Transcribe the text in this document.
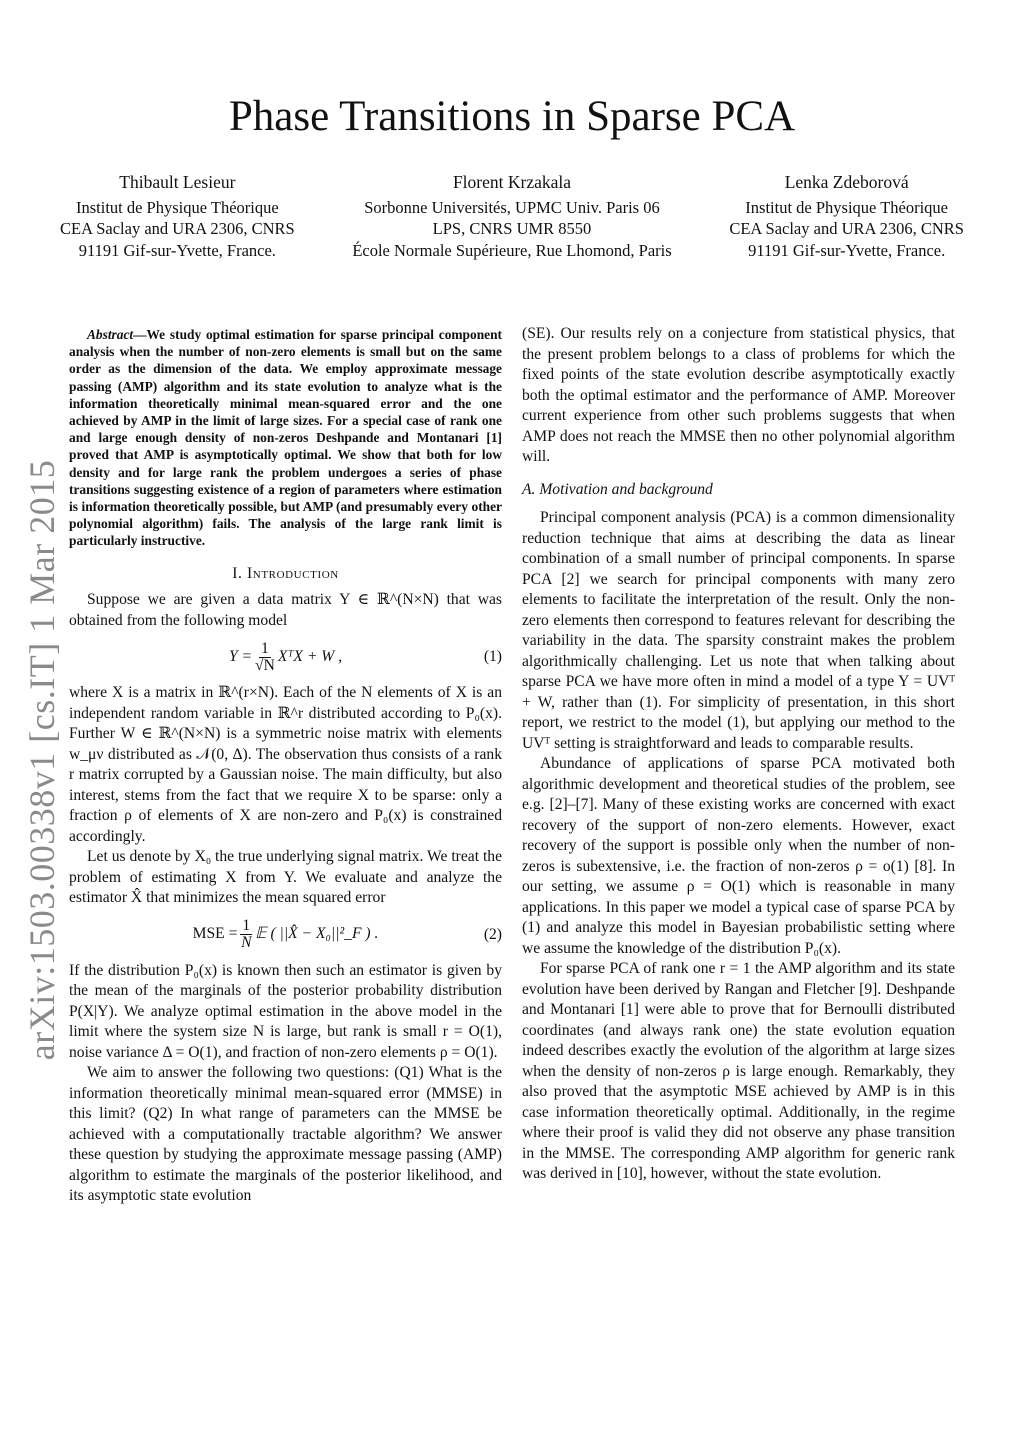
arXiv:1503.00338v1 [cs.IT] 1 Mar 2015
Phase Transitions in Sparse PCA
Thibault Lesieur
Institut de Physique Théorique
CEA Saclay and URA 2306, CNRS
91191 Gif-sur-Yvette, France.
Florent Krzakala
Sorbonne Universités, UPMC Univ. Paris 06
LPS, CNRS UMR 8550
École Normale Supérieure, Rue Lhomond, Paris
Lenka Zdeborová
Institut de Physique Théorique
CEA Saclay and URA 2306, CNRS
91191 Gif-sur-Yvette, France.

Abstract—We study optimal estimation for sparse principal component analysis when the number of non-zero elements is small but on the same order as the dimension of the data. We employ approximate message passing (AMP) algorithm and its state evolution to analyze what is the information theoretically minimal mean-squared error and the one achieved by AMP in the limit of large sizes. For a special case of rank one and large enough density of non-zeros Deshpande and Montanari [1] proved that AMP is asymptotically optimal. We show that both for low density and for large rank the problem undergoes a series of phase transitions suggesting existence of a region of parameters where estimation is information theoretically possible, but AMP (and presumably every other polynomial algorithm) fails. The analysis of the large rank limit is particularly instructive.

I. Introduction

Suppose we are given a data matrix Y ∈ ℝ^(N×N) that was obtained from the following model

$Y = \frac{1}{√N}$ XᵀX + W ,	(1)

where X is a matrix in ℝ^(r×N). Each of the N elements of X is an independent random variable in ℝ^r distributed according to P₀(x). Further W ∈ ℝ^(N×N) is a symmetric noise matrix with elements w_μν distributed as 𝒩(0, Δ). The observation thus consists of a rank r matrix corrupted by a Gaussian noise. The main difficulty, but also interest, stems from the fact that we require X to be sparse: only a fraction ρ of elements of X are non-zero and P₀(x) is constrained accordingly.

Let us denote by X₀ the true underlying signal matrix. We treat the problem of estimating X from Y. We evaluate and analyze the estimator X̂ that minimizes the mean squared error

MSE = $\frac{1}{N}$ 𝔼 ( ||X̂ − X₀||²_F ) .	(2)

If the distribution P₀(x) is known then such an estimator is given by the mean of the marginals of the posterior probability distribution P(X|Y). We analyze optimal estimation in the above model in the limit where the system size N is large, but rank is small r = O(1), noise variance Δ = O(1), and fraction of non-zero elements ρ = O(1).

We aim to answer the following two questions: (Q1) What is the information theoretically minimal mean-squared error (MMSE) in this limit? (Q2) In what range of parameters can the MMSE be achieved with a computationally tractable algorithm? We answer these question by studying the approximate message passing (AMP) algorithm to estimate the marginals of the posterior likelihood, and its asymptotic state evolution

(SE). Our results rely on a conjecture from statistical physics, that the present problem belongs to a class of problems for which the fixed points of the state evolution describe asymptotically exactly both the optimal estimator and the performance of AMP. Moreover current experience from other such problems suggests that when AMP does not reach the MMSE then no other polynomial algorithm will.

A. Motivation and background

Principal component analysis (PCA) is a common dimensionality reduction technique that aims at describing the data as linear combination of a small number of principal components. In sparse PCA [2] we search for principal components with many zero elements to facilitate the interpretation of the result. Only the non-zero elements then correspond to features relevant for describing the variability in the data. The sparsity constraint makes the problem algorithmically challenging. Let us note that when talking about sparse PCA we have more often in mind a model of a type Y = UVᵀ + W, rather than (1). For simplicity of presentation, in this short report, we restrict to the model (1), but applying our method to the UVᵀ setting is straightforward and leads to comparable results.

Abundance of applications of sparse PCA motivated both algorithmic development and theoretical studies of the problem, see e.g. [2]–[7]. Many of these existing works are concerned with exact recovery of the support of non-zero elements. However, exact recovery of the support is possible only when the number of non-zeros is subextensive, i.e. the fraction of non-zeros ρ = o(1) [8]. In our setting, we assume ρ = O(1) which is reasonable in many applications. In this paper we model a typical case of sparse PCA by (1) and analyze this model in Bayesian probabilistic setting where we assume the knowledge of the distribution P₀(x).

For sparse PCA of rank one r = 1 the AMP algorithm and its state evolution have been derived by Rangan and Fletcher [9]. Deshpande and Montanari [1] were able to prove that for Bernoulli distributed coordinates (and always rank one) the state evolution equation indeed describes exactly the evolution of the algorithm at large sizes when the density of non-zeros ρ is large enough. Remarkably, they also proved that the asymptotic MSE achieved by AMP is in this case information theoretically optimal. Additionally, in the regime where their proof is valid they did not observe any phase transition in the MMSE. The corresponding AMP algorithm for generic rank was derived in [10], however, without the state evolution.
